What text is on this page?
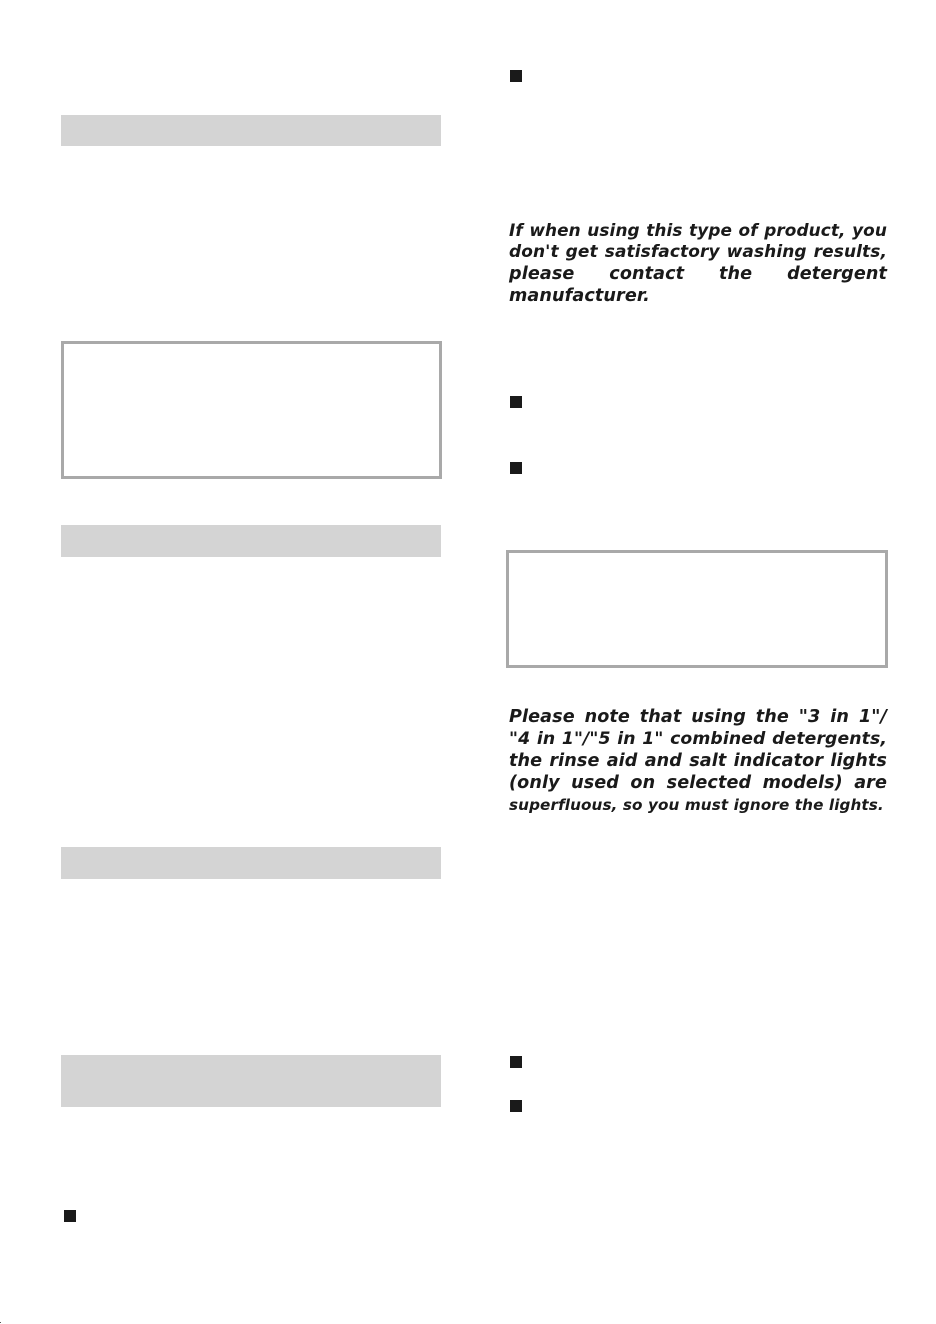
If when using this type of product, you
don't get satisfactory washing results,
please contact the detergent
manufacturer.

Please note that using the "3 in 1"/
"4 in 1"/"5 in 1" combined detergents,
the rinse aid and salt indicator lights
(only used on selected models) are
superfluous, so you must ignore the lights.
